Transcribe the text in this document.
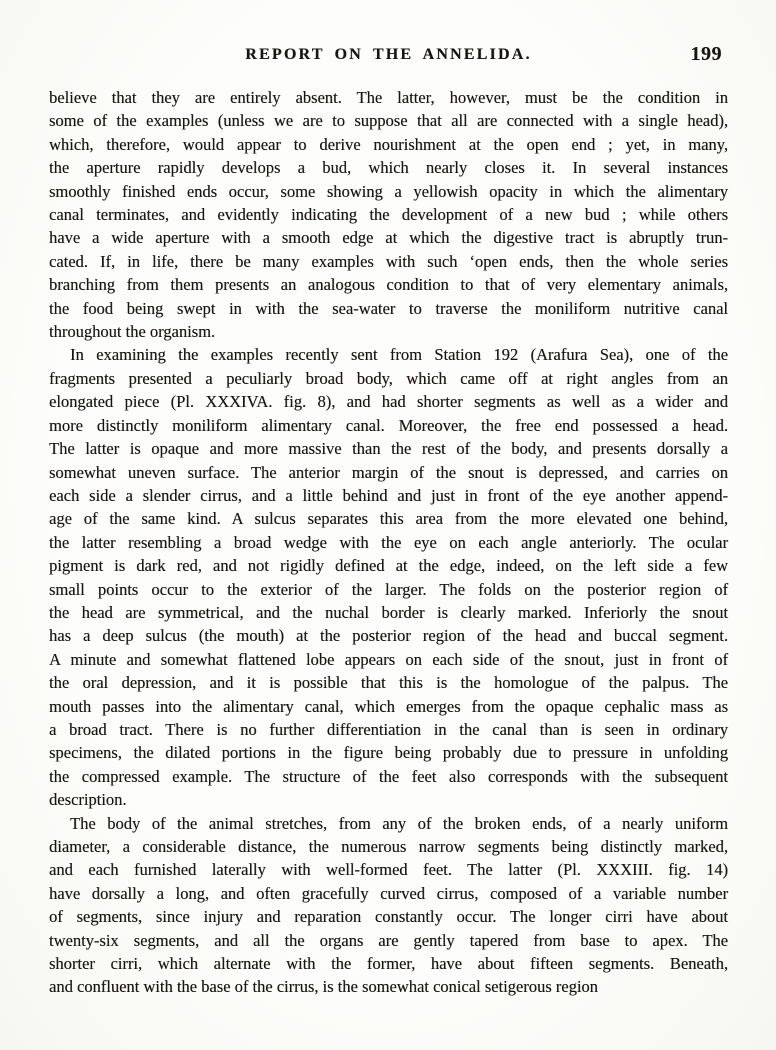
REPORT ON THE ANNELIDA.	199
believe that they are entirely absent. The latter, however, must be the condition in
some of the examples (unless we are to suppose that all are connected with a single head),
which, therefore, would appear to derive nourishment at the open end ; yet, in many,
the aperture rapidly develops a bud, which nearly closes it. In several instances
smoothly finished ends occur, some showing a yellowish opacity in which the alimentary
canal terminates, and evidently indicating the development of a new bud ; while others
have a wide aperture with a smooth edge at which the digestive tract is abruptly trun-
cated. If, in life, there be many examples with such ‘open ends, then the whole series
branching from them presents an analogous condition to that of very elementary animals,
the food being swept in with the sea-water to traverse the moniliform nutritive canal
throughout the organism.
In examining the examples recently sent from Station 192 (Arafura Sea), one of the
fragments presented a peculiarly broad body, which came off at right angles from an
elongated piece (Pl. XXXIVA. fig. 8), and had shorter segments as well as a wider and
more distinctly moniliform alimentary canal. Moreover, the free end possessed a head.
The latter is opaque and more massive than the rest of the body, and presents dorsally a
somewhat uneven surface. The anterior margin of the snout is depressed, and carries on
each side a slender cirrus, and a little behind and just in front of the eye another append-
age of the same kind. A sulcus separates this area from the more elevated one behind,
the latter resembling a broad wedge with the eye on each angle anteriorly. The ocular
pigment is dark red, and not rigidly defined at the edge, indeed, on the left side a few
small points occur to the exterior of the larger. The folds on the posterior region of
the head are symmetrical, and the nuchal border is clearly marked. Inferiorly the snout
has a deep sulcus (the mouth) at the posterior region of the head and buccal segment.
A minute and somewhat flattened lobe appears on each side of the snout, just in front of
the oral depression, and it is possible that this is the homologue of the palpus. The
mouth passes into the alimentary canal, which emerges from the opaque cephalic mass as
a broad tract. There is no further differentiation in the canal than is seen in ordinary
specimens, the dilated portions in the figure being probably due to pressure in unfolding
the compressed example. The structure of the feet also corresponds with the subsequent
description.
The body of the animal stretches, from any of the broken ends, of a nearly uniform
diameter, a considerable distance, the numerous narrow segments being distinctly marked,
and each furnished laterally with well-formed feet. The latter (Pl. XXXIII. fig. 14)
have dorsally a long, and often gracefully curved cirrus, composed of a variable number
of segments, since injury and reparation constantly occur. The longer cirri have about
twenty-six segments, and all the organs are gently tapered from base to apex. The
shorter cirri, which alternate with the former, have about fifteen segments. Beneath,
and confluent with the base of the cirrus, is the somewhat conical setigerous region
